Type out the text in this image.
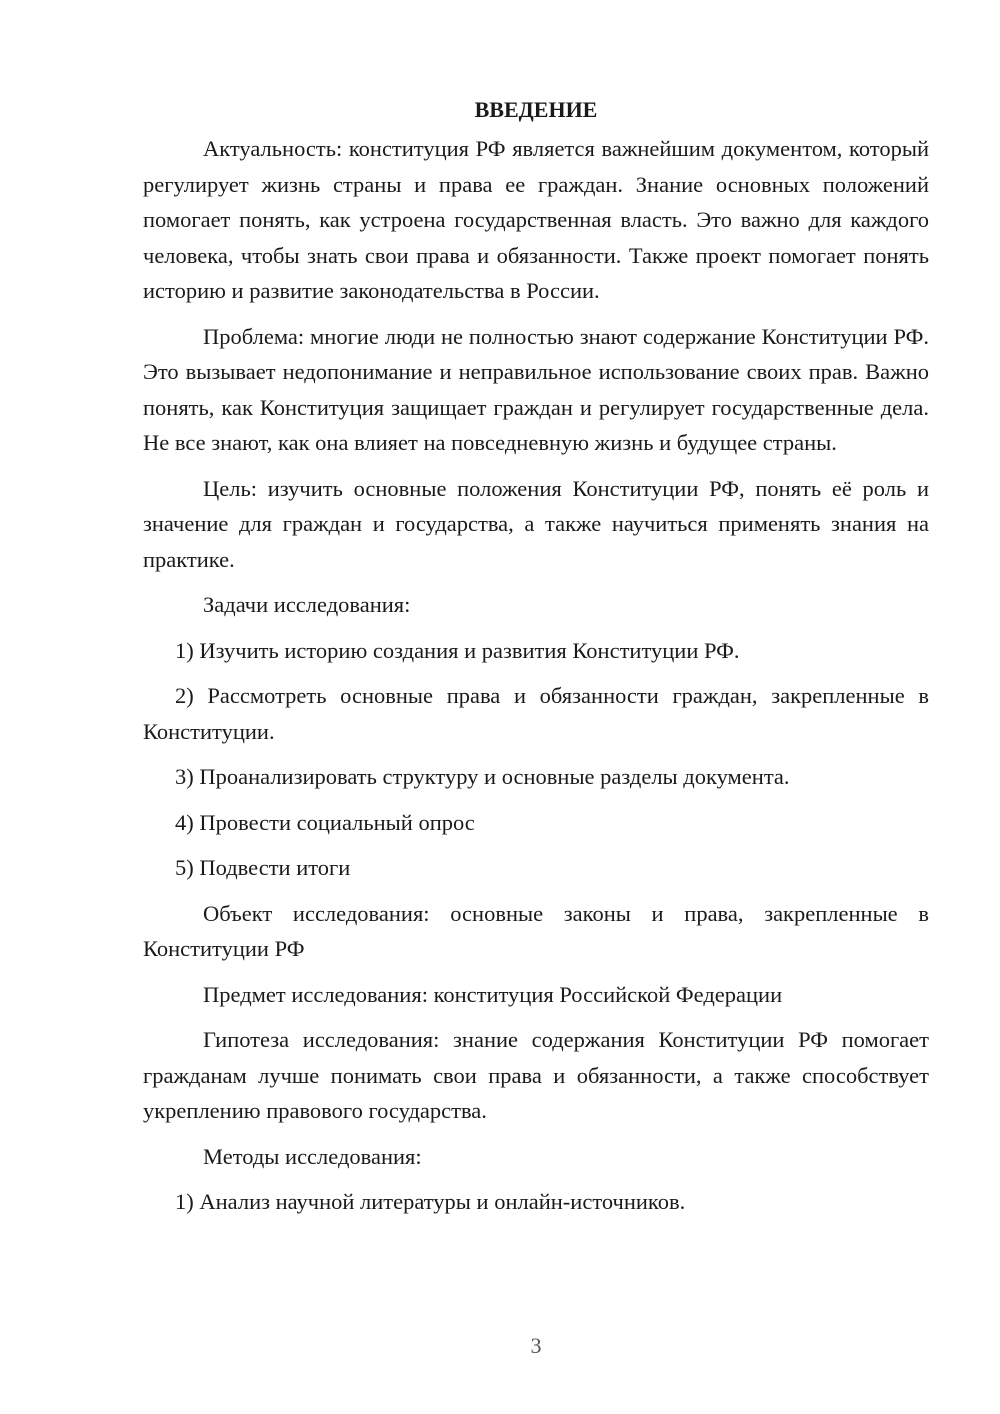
ВВЕДЕНИЕ

Актуальность: конституция РФ является важнейшим документом, который регулирует жизнь страны и права ее граждан. Знание основных положений помогает понять, как устроена государственная власть. Это важно для каждого человека, чтобы знать свои права и обязанности. Также проект помогает понять историю и развитие законодательства в России.

Проблема: многие люди не полностью знают содержание Конституции РФ. Это вызывает недопонимание и неправильное использование своих прав. Важно понять, как Конституция защищает граждан и регулирует государственные дела. Не все знают, как она влияет на повседневную жизнь и будущее страны.

Цель: изучить основные положения Конституции РФ, понять её роль и значение для граждан и государства, а также научиться применять знания на практике.

Задачи исследования:

1) Изучить историю создания и развития Конституции РФ.

2) Рассмотреть основные права и обязанности граждан, закрепленные в Конституции.

3) Проанализировать структуру и основные разделы документа.

4) Провести социальный опрос

5) Подвести итоги

Объект исследования: основные законы и права, закрепленные в Конституции РФ

Предмет исследования: конституция Российской Федерации

Гипотеза исследования: знание содержания Конституции РФ помогает гражданам лучше понимать свои права и обязанности, а также способствует укреплению правового государства.

Методы исследования:

1) Анализ научной литературы и онлайн-источников.

3
